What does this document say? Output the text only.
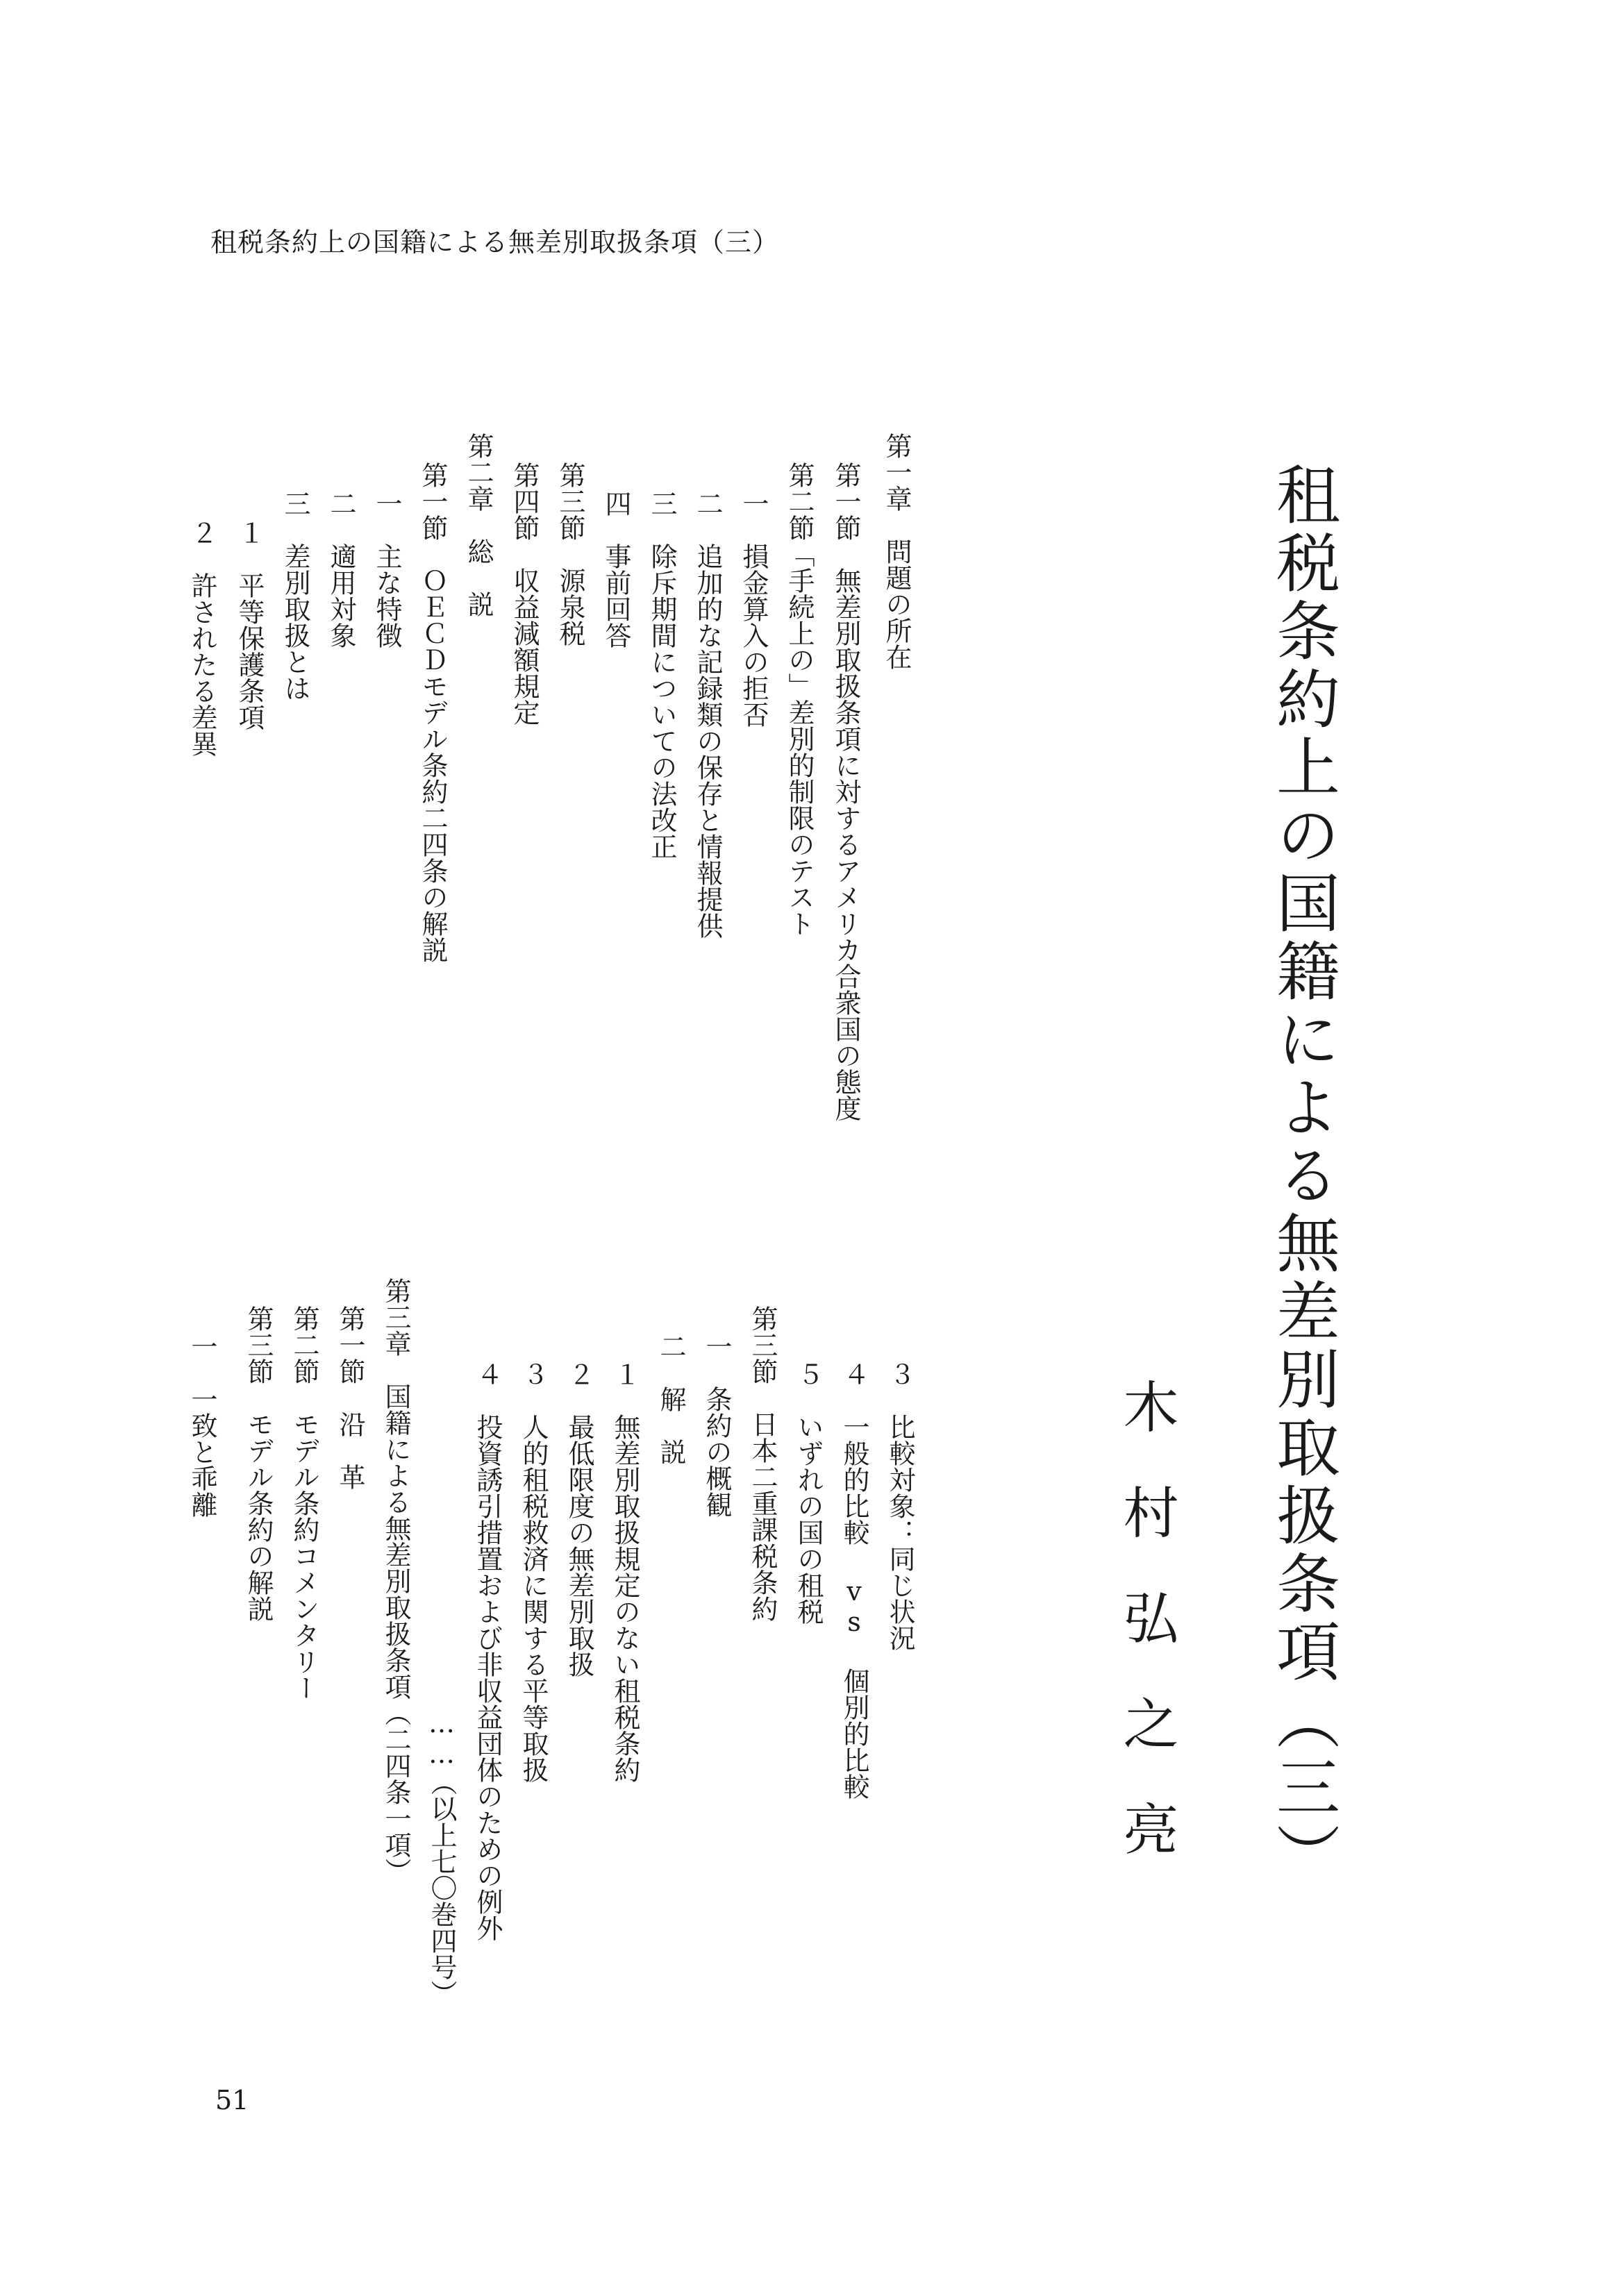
租税条約上の国籍による無差別取扱条項（三）
租税条約上の国籍による無差別取扱条項（三）
木村弘之亮
第一章　問題の所在
第一節　無差別取扱条項に対するアメリカ合衆国の態度
第二節「手続上の」差別的制限のテスト
一　損金算入の拒否
二　追加的な記録類の保存と情報提供
三　除斥期間についての法改正
四　事前回答
第三節　源泉税
第四節　収益減額規定
第二章　総　説
第一節　ＯＥＣＤモデル条約二四条の解説
一　主な特徴
二　適用対象
三　差別取扱とは
１　平等保護条項
２　許されたる差異
３　比較対象：同じ状況
４　一般的比較 vs 個別的比較
５　いずれの国の租税
第三節　日本二重課税条約
一　条約の概観
二　解　説
１　無差別取扱規定のない租税条約
２　最低限度の無差別取扱
３　人的租税救済に関する平等取扱
４　投資誘引措置および非収益団体のための例外
……（以上七〇巻四号）
第三章　国籍による無差別取扱条項（二四条一項）
第一節　沿　革
第二節　モデル条約コメンタリー
第三節　モデル条約の解説
一　一致と乖離
51
